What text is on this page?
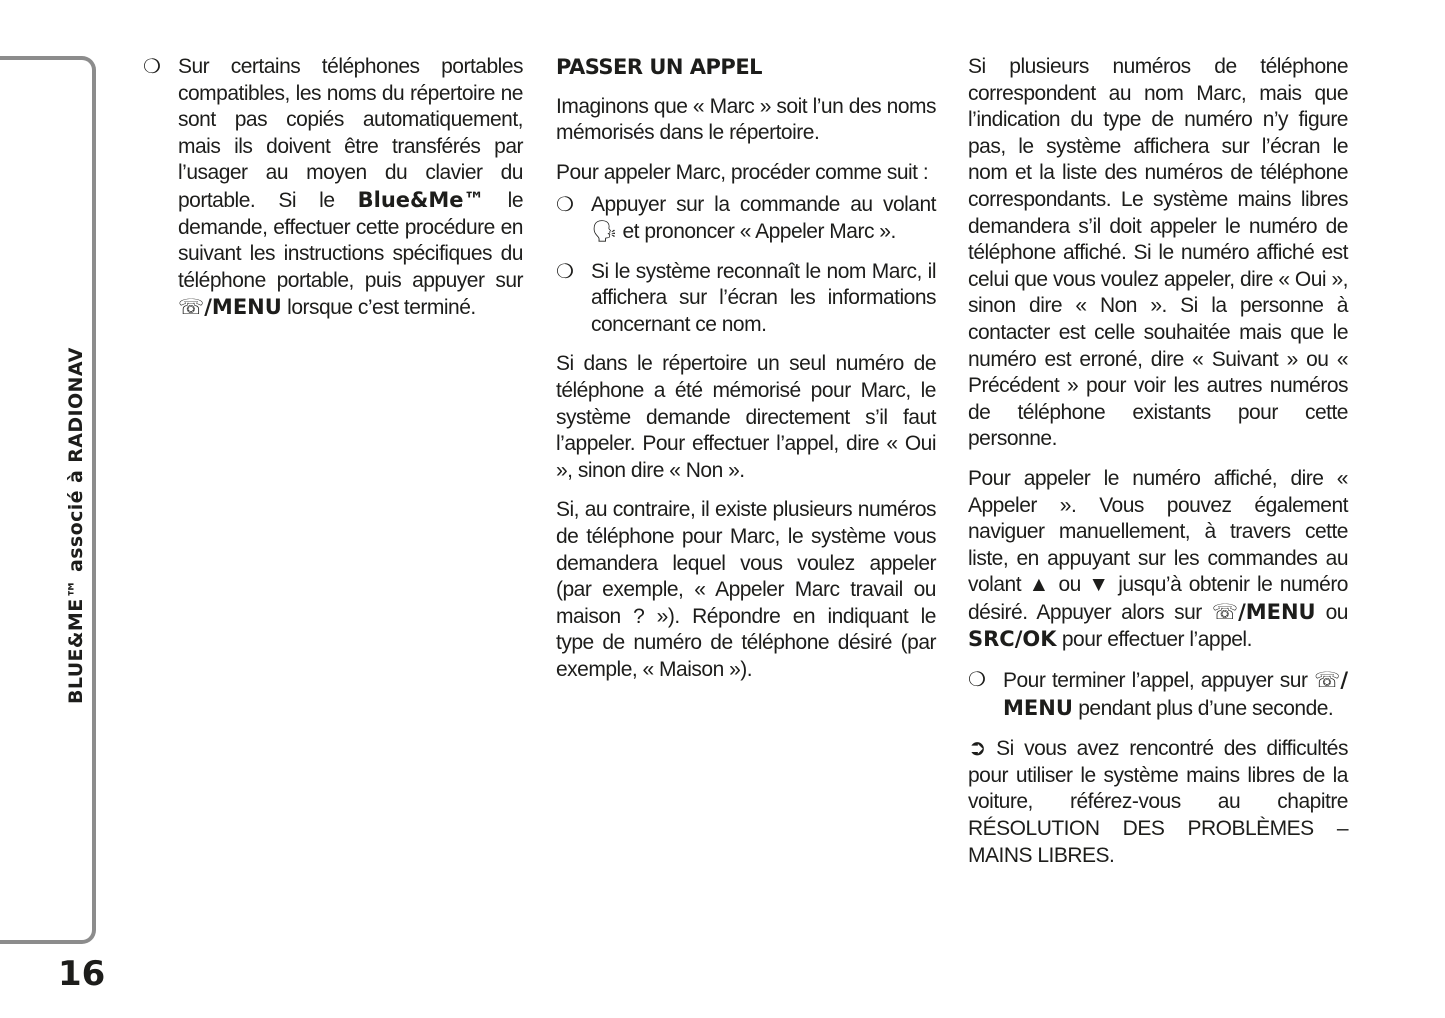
BLUE&ME™ associé à RADIONAV
16

❍ Sur certains téléphones portables compatibles, les noms du répertoire ne sont pas copiés automatiquement, mais ils doivent être transférés par l’usager au moyen du clavier du portable. Si le Blue&Me™ le demande, effectuer cette procédure en suivant les instructions spécifiques du téléphone portable, puis appuyer sur ☏/MENU lorsque c’est terminé.

PASSER UN APPEL

Imaginons que « Marc » soit l’un des noms mémorisés dans le répertoire.

Pour appeler Marc, procéder comme suit :

❍ Appuyer sur la commande au volant 🗣 et prononcer « Appeler Marc ».

❍ Si le système reconnaît le nom Marc, il affichera sur l’écran les informations concernant ce nom.

Si dans le répertoire un seul numéro de téléphone a été mémorisé pour Marc, le système demande directement s’il faut l’appeler. Pour effectuer l’appel, dire « Oui », sinon dire « Non ».

Si, au contraire, il existe plusieurs numéros de téléphone pour Marc, le système vous demandera lequel vous voulez appeler (par exemple, « Appeler Marc travail ou maison ? »). Répondre en indiquant le type de numéro de téléphone désiré (par exemple, « Maison »).

Si plusieurs numéros de téléphone correspondent au nom Marc, mais que l’indication du type de numéro n’y figure pas, le système affichera sur l’écran le nom et la liste des numéros de téléphone correspondants. Le système mains libres demandera s’il doit appeler le numéro de téléphone affiché. Si le numéro affiché est celui que vous voulez appeler, dire « Oui », sinon dire « Non ». Si la personne à contacter est celle souhaitée mais que le numéro est erroné, dire « Suivant » ou « Précédent » pour voir les autres numéros de téléphone existants pour cette personne.

Pour appeler le numéro affiché, dire « Appeler ». Vous pouvez également naviguer manuellement, à travers cette liste, en appuyant sur les commandes au volant ▲ ou ▼ jusqu’à obtenir le numéro désiré. Appuyer alors sur ☏/MENU ou SRC/OK pour effectuer l’appel.

❍ Pour terminer l’appel, appuyer sur ☏/ MENU pendant plus d’une seconde.

➲ Si vous avez rencontré des difficultés pour utiliser le système mains libres de la voiture, référez-vous au chapitre RÉSOLUTION DES PROBLÈMES – MAINS LIBRES.
